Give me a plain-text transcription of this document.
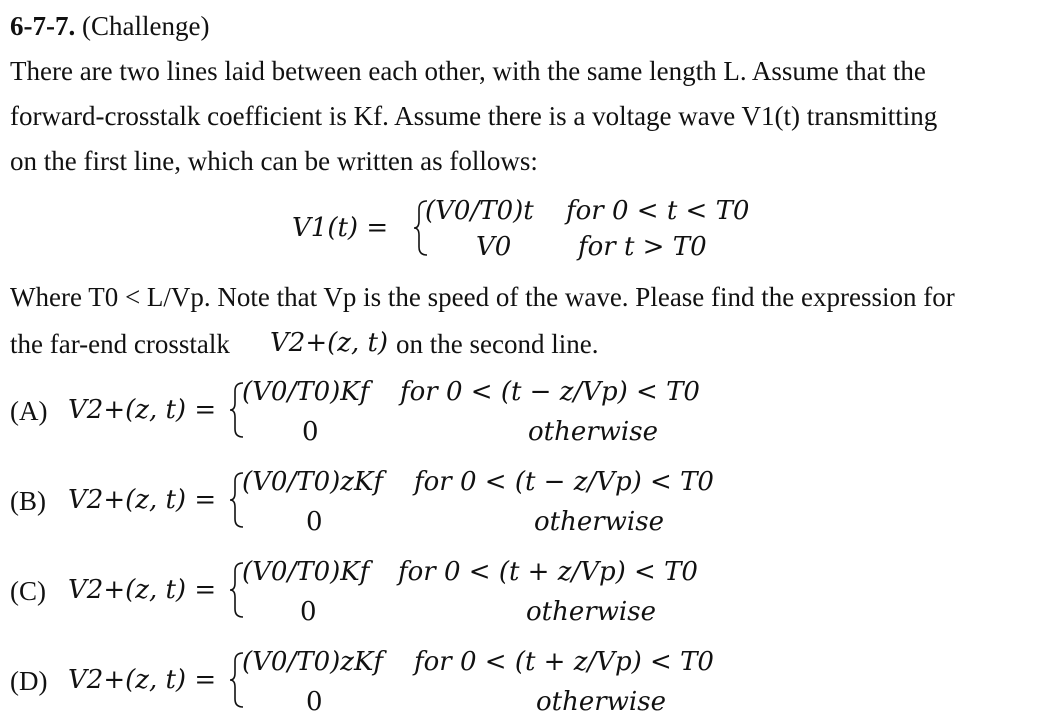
6-7-7. (Challenge)
There are two lines laid between each other, with the same length L. Assume that the
forward-crosstalk coefficient is Kf. Assume there is a voltage wave V1(t) transmitting
on the first line, which can be written as follows:
V1(t) =
(V0/T0)t for 0 < t < T0
V0	for t > T0
Where T0 < L/Vp. Note that Vp is the speed of the wave. Please find the expression for
the far-end crosstalk V2+(z, t) on the second line.
(A) V2+(z, t) =
(V0/T0)Kf for 0 < (t − z/Vp) < T0
0	otherwise
(B) V2+(z, t) =
(V0/T0)zKf for 0 < (t − z/Vp) < T0
0	otherwise
(C) V2+(z, t) =
(V0/T0)Kf for 0 < (t + z/Vp) < T0
0	otherwise
(D) V2+(z, t) =
(V0/T0)zKf for 0 < (t + z/Vp) < T0
0	otherwise
